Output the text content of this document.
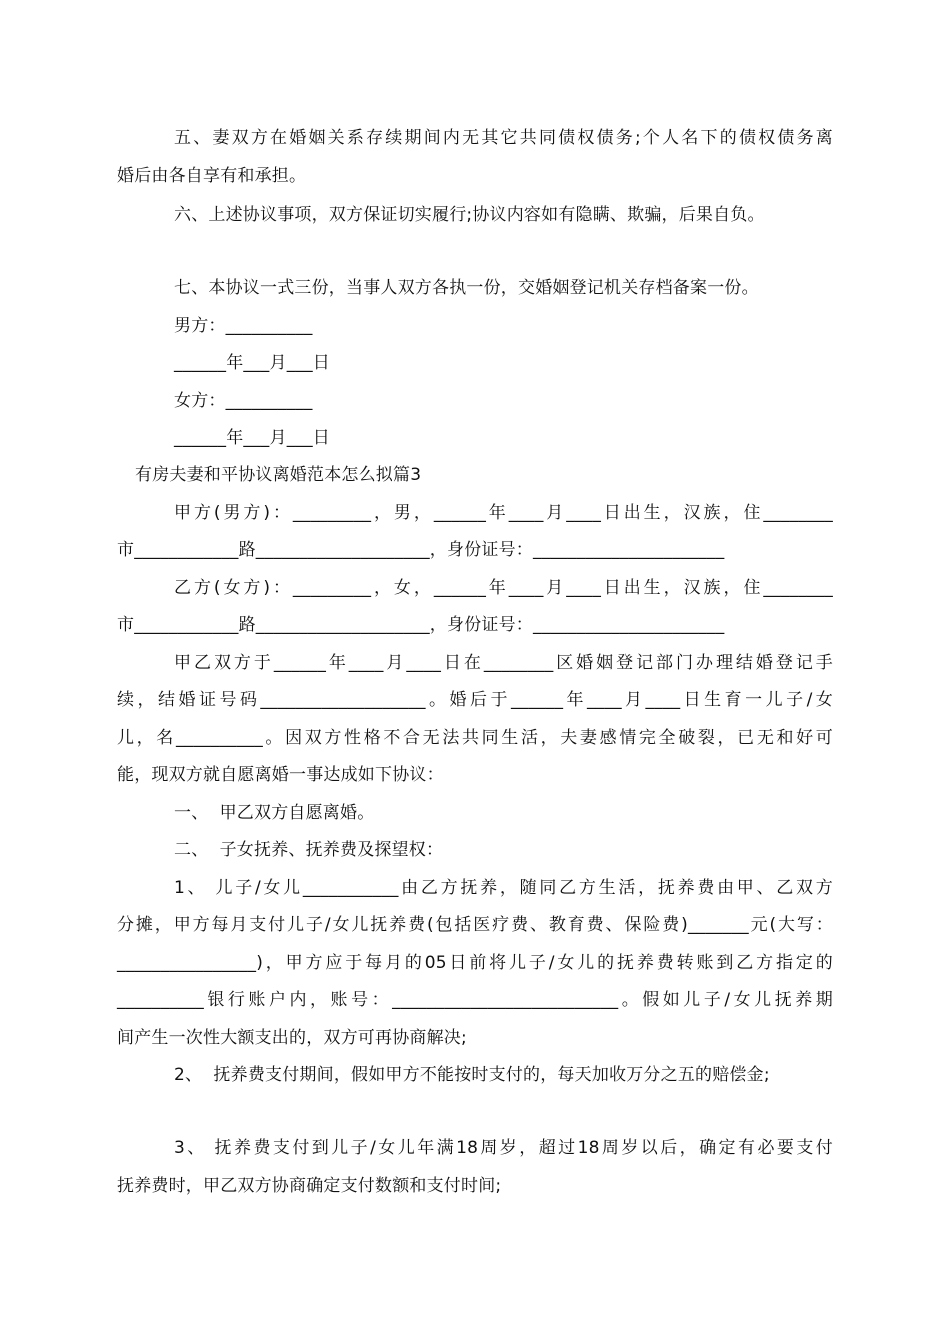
五、妻双方在婚姻关系存续期间内无其它共同债权债务;个人名下的债权债务离
婚后由各自享有和承担。
六、上述协议事项，双方保证切实履行;协议内容如有隐瞒、欺骗，后果自负。
七、本协议一式三份，当事人双方各执一份，交婚姻登记机关存档备案一份。
男方：__________
______年___月___日
女方：__________
______年___月___日
有房夫妻和平协议离婚范本怎么拟篇3
甲方(男方)：_________，男，______年____月____日出生，汉族，住________
市____________路____________________，身份证号：______________________
乙方(女方)：_________，女，______年____月____日出生，汉族，住________
市____________路____________________，身份证号：______________________
甲乙双方于______年____月____日在________区婚姻登记部门办理结婚登记手
续，结婚证号码___________________。婚后于______年____月____日生育一儿子/女
儿，名__________。因双方性格不合无法共同生活，夫妻感情完全破裂，已无和好可
能，现双方就自愿离婚一事达成如下协议：
一、  甲乙双方自愿离婚。
二、  子女抚养、抚养费及探望权：
1、 儿子/女儿___________由乙方抚养，随同乙方生活，抚养费由甲、乙双方
分摊，甲方每月支付儿子/女儿抚养费(包括医疗费、教育费、保险费)_______元(大写：
________________)，甲方应于每月的05日前将儿子/女儿的抚养费转账到乙方指定的
__________银行账户内，账号：__________________________。假如儿子/女儿抚养期
间产生一次性大额支出的，双方可再协商解决;
2、  抚养费支付期间，假如甲方不能按时支付的，每天加收万分之五的赔偿金;
3、 抚养费支付到儿子/女儿年满18周岁，超过18周岁以后，确定有必要支付
抚养费时，甲乙双方协商确定支付数额和支付时间;
